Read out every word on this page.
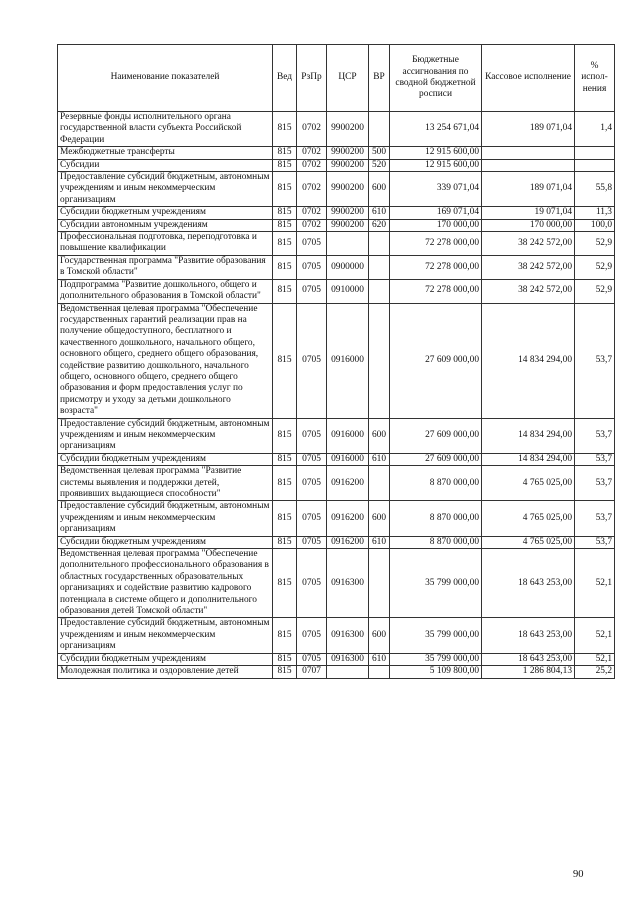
Наименование показателей	Вед	РзПр	ЦСР	ВР	Бюджетные ассигнования по сводной бюджетной росписи	Кассовое исполнение	% испол-нения
Резервные фонды исполнительного органа государственной власти субъекта Российской Федерации	815	0702	9900200		13 254 671,04	189 071,04	1,4
Межбюджетные трансферты	815	0702	9900200	500	12 915 600,00		
Субсидии	815	0702	9900200	520	12 915 600,00		
Предоставление субсидий бюджетным, автономным учреждениям и иным некоммерческим организациям	815	0702	9900200	600	339 071,04	189 071,04	55,8
Субсидии бюджетным учреждениям	815	0702	9900200	610	169 071,04	19 071,04	11,3
Субсидии автономным учреждениям	815	0702	9900200	620	170 000,00	170 000,00	100,0
Профессиональная подготовка, переподготовка и повышение квалификации	815	0705			72 278 000,00	38 242 572,00	52,9
Государственная программа "Развитие образования в Томской области"	815	0705	0900000		72 278 000,00	38 242 572,00	52,9
Подпрограмма "Развитие дошкольного, общего и дополнительного образования в Томской области"	815	0705	0910000		72 278 000,00	38 242 572,00	52,9
Ведомственная целевая программа "Обеспечение государственных гарантий реализации прав на получение общедоступного, бесплатного и качественного дошкольного, начального общего, основного общего, среднего общего образования, содействие развитию дошкольного, начального общего, основного общего, среднего общего образования и форм предоставления услуг по присмотру и уходу за детьми дошкольного возраста"	815	0705	0916000		27 609 000,00	14 834 294,00	53,7
Предоставление субсидий бюджетным, автономным учреждениям и иным некоммерческим организациям	815	0705	0916000	600	27 609 000,00	14 834 294,00	53,7
Субсидии бюджетным учреждениям	815	0705	0916000	610	27 609 000,00	14 834 294,00	53,7
Ведомственная целевая программа "Развитие системы выявления и поддержки детей, проявивших выдающиеся способности"	815	0705	0916200		8 870 000,00	4 765 025,00	53,7
Предоставление субсидий бюджетным, автономным учреждениям и иным некоммерческим организациям	815	0705	0916200	600	8 870 000,00	4 765 025,00	53,7
Субсидии бюджетным учреждениям	815	0705	0916200	610	8 870 000,00	4 765 025,00	53,7
Ведомственная целевая программа "Обеспечение дополнительного профессионального образования в областных государственных образовательных организациях и содействие развитию кадрового потенциала в системе общего и дополнительного образования детей Томской области"	815	0705	0916300		35 799 000,00	18 643 253,00	52,1
Предоставление субсидий бюджетным, автономным учреждениям и иным некоммерческим организациям	815	0705	0916300	600	35 799 000,00	18 643 253,00	52,1
Субсидии бюджетным учреждениям	815	0705	0916300	610	35 799 000,00	18 643 253,00	52,1
Молодежная политика и оздоровление детей	815	0707			5 109 800,00	1 286 804,13	25,2
90
